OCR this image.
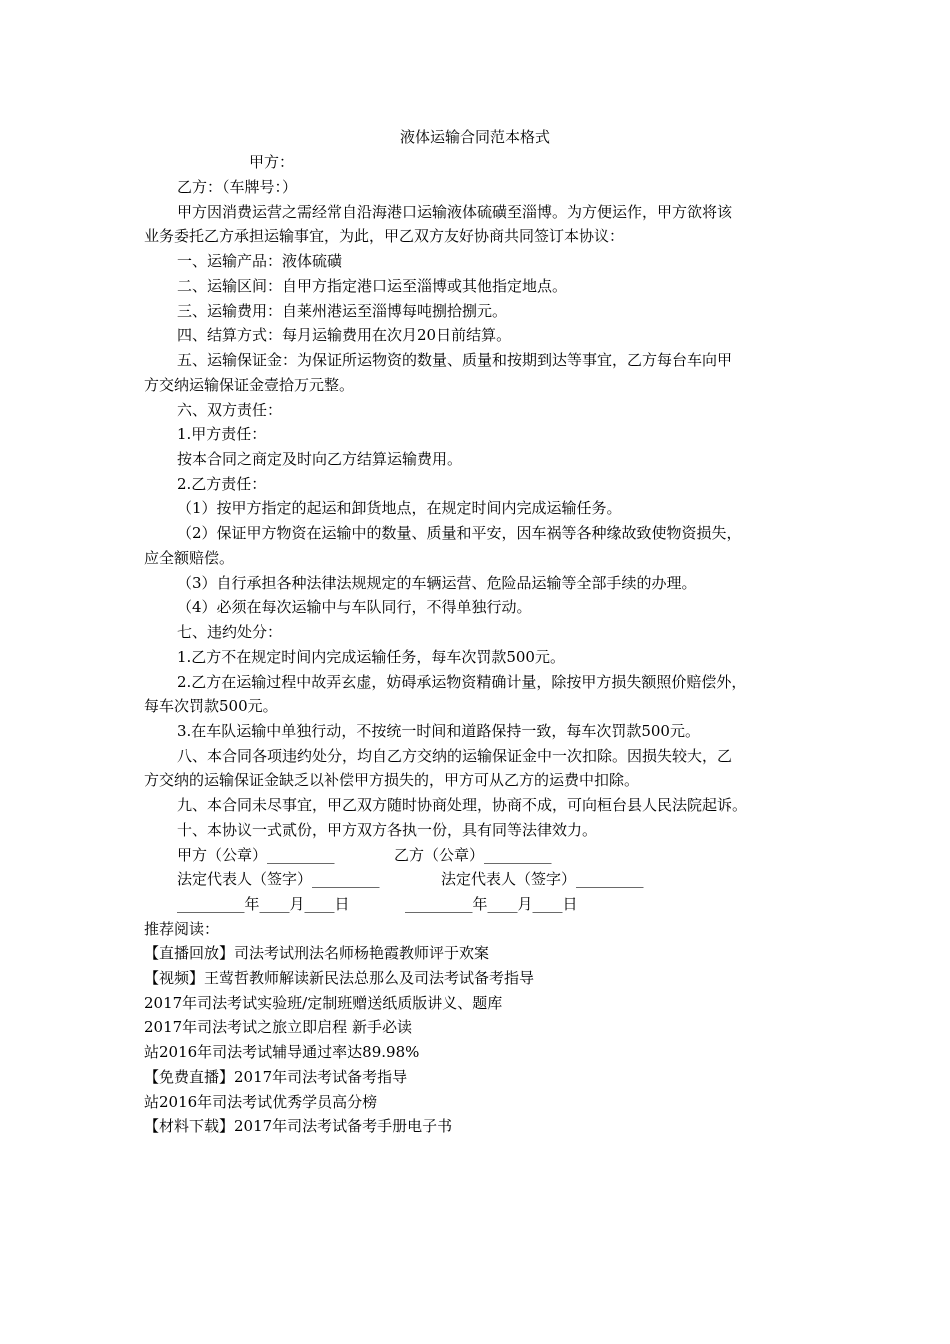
液体运输合同范本格式
甲方：
乙方：（车牌号：）
甲方因消费运营之需经常自沿海港口运输液体硫磺至淄博。为方便运作，甲方欲将该
业务委托乙方承担运输事宜，为此，甲乙双方友好协商共同签订本协议：
一、运输产品：液体硫磺
二、运输区间：自甲方指定港口运至淄博或其他指定地点。
三、运输费用：自莱州港运至淄博每吨捌拾捌元。
四、结算方式：每月运输费用在次月20日前结算。
五、运输保证金：为保证所运物资的数量、质量和按期到达等事宜，乙方每台车向甲
方交纳运输保证金壹拾万元整。
六、双方责任：
1.甲方责任：
按本合同之商定及时向乙方结算运输费用。
2.乙方责任：
（1）按甲方指定的起运和卸货地点，在规定时间内完成运输任务。
（2）保证甲方物资在运输中的数量、质量和平安，因车祸等各种缘故致使物资损失，
应全额赔偿。
（3）自行承担各种法律法规规定的车辆运营、危险品运输等全部手续的办理。
（4）必须在每次运输中与车队同行，不得单独行动。
七、违约处分：
1.乙方不在规定时间内完成运输任务，每车次罚款500元。
2.乙方在运输过程中故弄玄虚，妨碍承运物资精确计量，除按甲方损失额照价赔偿外，
每车次罚款500元。
3.在车队运输中单独行动，不按统一时间和道路保持一致，每车次罚款500元。
八、本合同各项违约处分，均自乙方交纳的运输保证金中一次扣除。因损失较大，乙
方交纳的运输保证金缺乏以补偿甲方损失的，甲方可从乙方的运费中扣除。
九、本合同未尽事宜，甲乙双方随时协商处理，协商不成，可向桓台县人民法院起诉。
十、本协议一式贰份，甲方双方各执一份，具有同等法律效力。
甲方（公章）_________	乙方（公章）_________
法定代表人（签字）_________	法定代表人（签字）_________
_________年____月____日	_________年____月____日
推荐阅读：
【直播回放】司法考试刑法名师杨艳霞教师评于欢案
【视频】王莺哲教师解读新民法总那么及司法考试备考指导
2017年司法考试实验班/定制班赠送纸质版讲义、题库
2017年司法考试之旅立即启程 新手必读
站2016年司法考试辅导通过率达89.98%
【免费直播】2017年司法考试备考指导
站2016年司法考试优秀学员高分榜
【材料下载】2017年司法考试备考手册电子书
